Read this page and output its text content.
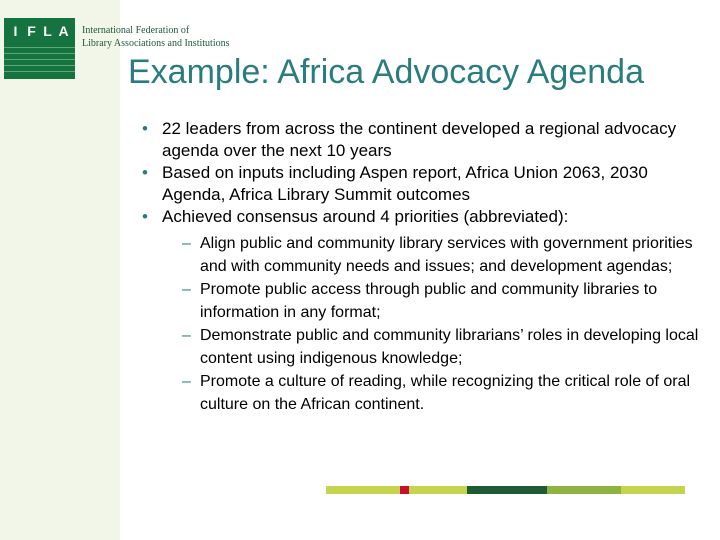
I F L A International Federation of
Library Associations and Institutions
Example: Africa Advocacy Agenda
• 22 leaders from across the continent developed a regional advocacy agenda over the next 10 years
• Based on inputs including Aspen report, Africa Union 2063, 2030 Agenda, Africa Library Summit outcomes
• Achieved consensus around 4 priorities (abbreviated):
– Align public and community library services with government priorities and with community needs and issues; and development agendas;
– Promote public access through public and community libraries to information in any format;
– Demonstrate public and community librarians’ roles in developing local content using indigenous knowledge;
– Promote a culture of reading, while recognizing the critical role of oral culture on the African continent.
